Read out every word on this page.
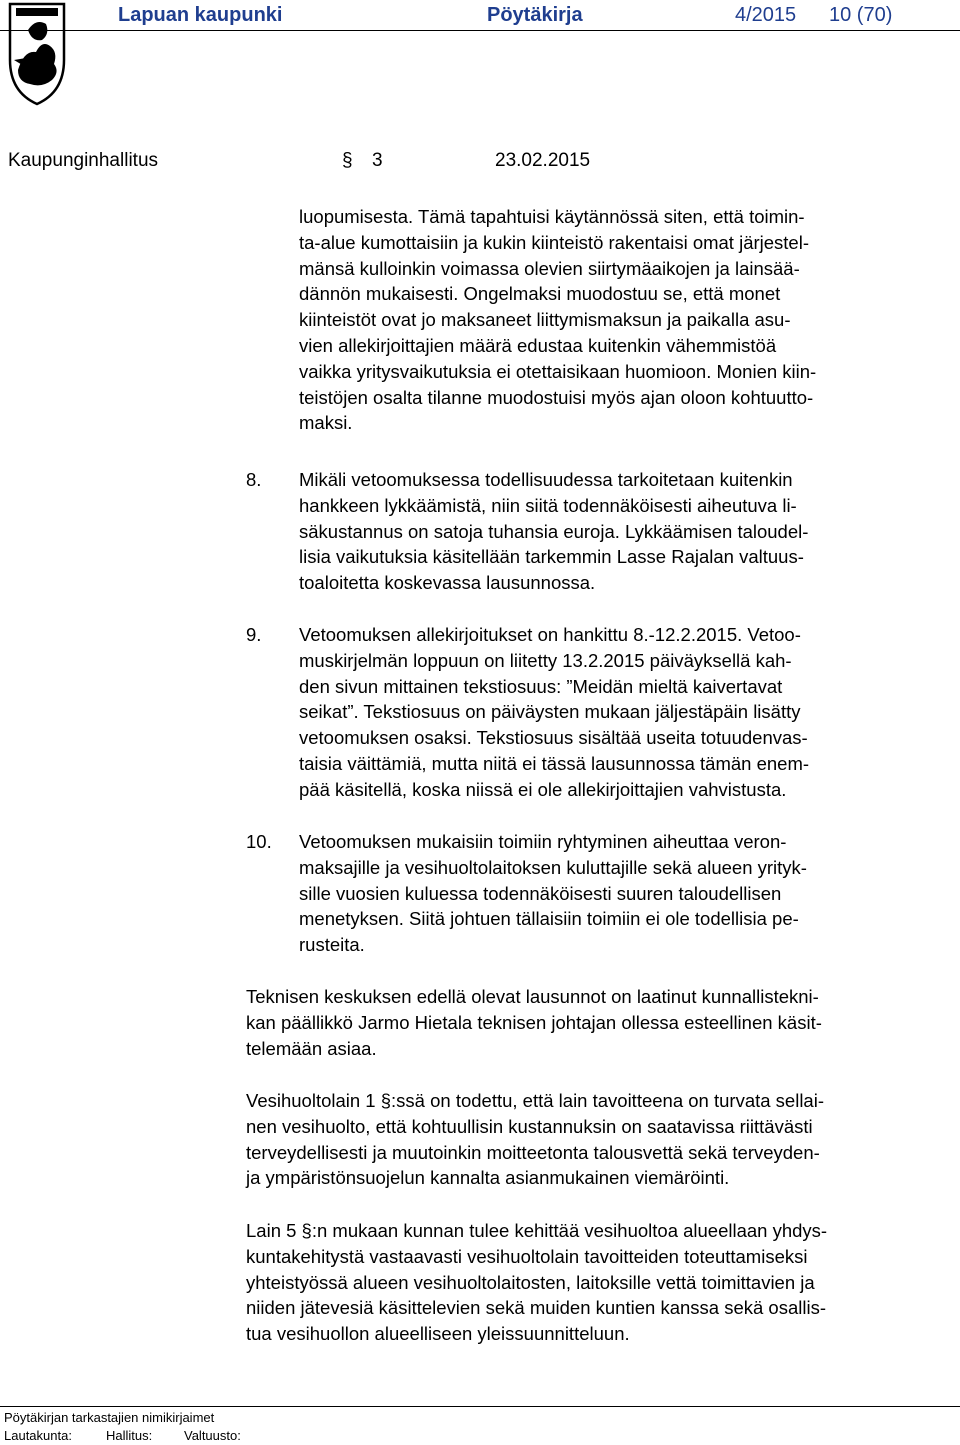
Lapuan kaupunki	Pöytäkirja	4/2015 10 (70)
Kaupunginhallitus	§ 3	23.02.2015
luopumisesta. Tämä tapahtuisi käytännössä siten, että toimin-
ta-alue kumottaisiin ja kukin kiinteistö rakentaisi omat järjestel-
mänsä kulloinkin voimassa olevien siirtymäaikojen ja lainsää-
dännön mukaisesti. Ongelmaksi muodostuu se, että monet
kiinteistöt ovat jo maksaneet liittymismaksun ja paikalla asu-
vien allekirjoittajien määrä edustaa kuitenkin vähemmistöä
vaikka yritysvaikutuksia ei otettaisikaan huomioon. Monien kiin-
teistöjen osalta tilanne muodostuisi myös ajan oloon kohtuutto-
maksi.
8. Mikäli vetoomuksessa todellisuudessa tarkoitetaan kuitenkin
hankkeen lykkäämistä, niin siitä todennäköisesti aiheutuva li-
säkustannus on satoja tuhansia euroja. Lykkäämisen taloudel-
lisia vaikutuksia käsitellään tarkemmin Lasse Rajalan valtuus-
toaloitetta koskevassa lausunnossa.
9. Vetoomuksen allekirjoitukset on hankittu 8.-12.2.2015. Vetoo-
muskirjelmän loppuun on liitetty 13.2.2015 päiväyksellä kah-
den sivun mittainen tekstiosuus: ”Meidän mieltä kaivertavat
seikat”. Tekstiosuus on päiväysten mukaan jäljestäpäin lisätty
vetoomuksen osaksi. Tekstiosuus sisältää useita totuudenvas-
taisia väittämiä, mutta niitä ei tässä lausunnossa tämän enem-
pää käsitellä, koska niissä ei ole allekirjoittajien vahvistusta.
10. Vetoomuksen mukaisiin toimiin ryhtyminen aiheuttaa veron-
maksajille ja vesihuoltolaitoksen kuluttajille sekä alueen yrityk-
sille vuosien kuluessa todennäköisesti suuren taloudellisen
menetyksen. Siitä johtuen tällaisiin toimiin ei ole todellisia pe-
rusteita.
Teknisen keskuksen edellä olevat lausunnot on laatinut kunnallistekni-
kan päällikkö Jarmo Hietala teknisen johtajan ollessa esteellinen käsit-
telemään asiaa.
Vesihuoltolain 1 §:ssä on todettu, että lain tavoitteena on turvata sellai-
nen vesihuolto, että kohtuullisin kustannuksin on saatavissa riittävästi
terveydellisesti ja muutoinkin moitteetonta talousvettä sekä terveyden-
ja ympäristönsuojelun kannalta asianmukainen viemäröinti.
Lain 5 §:n mukaan kunnan tulee kehittää vesihuoltoa alueellaan yhdys-
kuntakehitystä vastaavasti vesihuoltolain tavoitteiden toteuttamiseksi
yhteistyössä alueen vesihuoltolaitosten, laitoksille vettä toimittavien ja
niiden jätevesiä käsittelevien sekä muiden kuntien kanssa sekä osallis-
tua vesihuollon alueelliseen yleissuunnitteluun.
Pöytäkirjan tarkastajien nimikirjaimet
Lautakunta:	Hallitus: Valtuusto:
